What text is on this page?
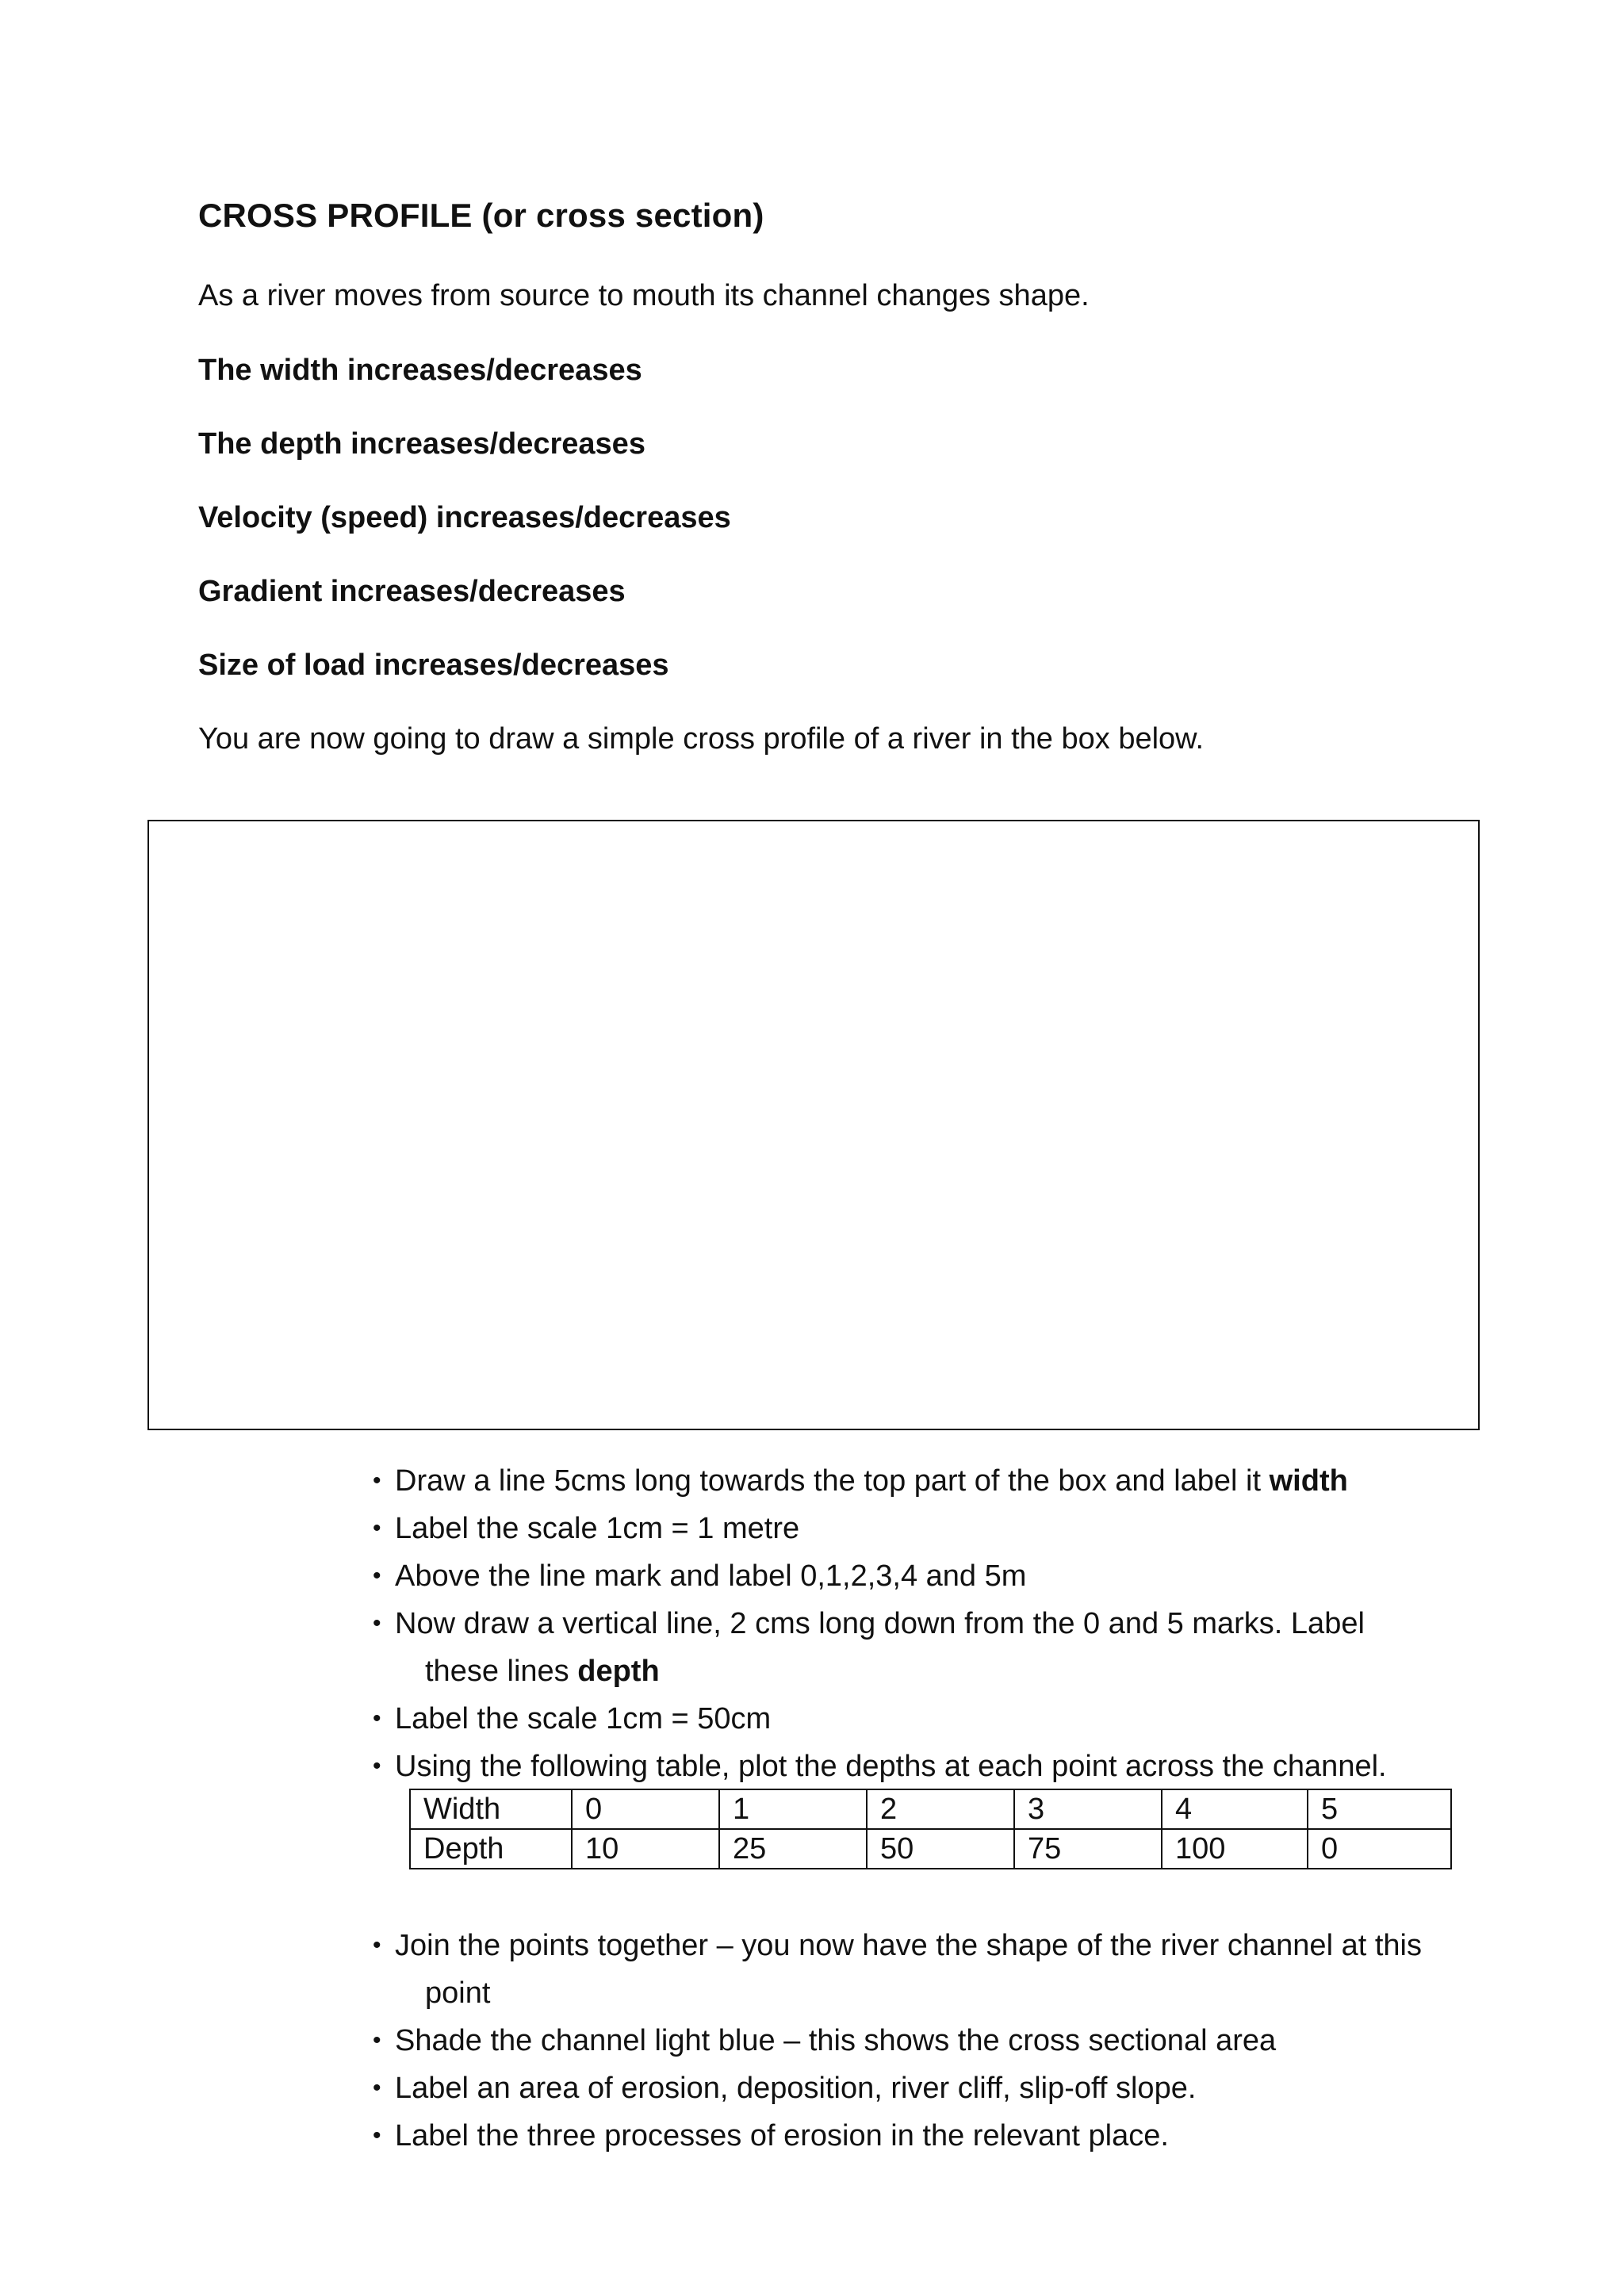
CROSS PROFILE (or cross section)
As a river moves from source to mouth its channel changes shape.
The width increases/decreases
The depth increases/decreases
Velocity (speed) increases/decreases
Gradient increases/decreases
Size of load increases/decreases
You are now going to draw a simple cross profile of a river in the box below.
• Draw a line 5cms long towards the top part of the box and label it width
• Label the scale 1cm = 1 metre
• Above the line mark and label 0,1,2,3,4 and 5m
• Now draw a vertical line, 2 cms long down from the 0 and 5 marks. Label
these lines depth
• Label the scale 1cm = 50cm
• Using the following table, plot the depths at each point across the channel.
Width	0	1	2	3	4	5
Depth	10	25	50	75	100	0
• Join the points together – you now have the shape of the river channel at this
point
• Shade the channel light blue – this shows the cross sectional area
• Label an area of erosion, deposition, river cliff, slip-off slope.
• Label the three processes of erosion in the relevant place.
